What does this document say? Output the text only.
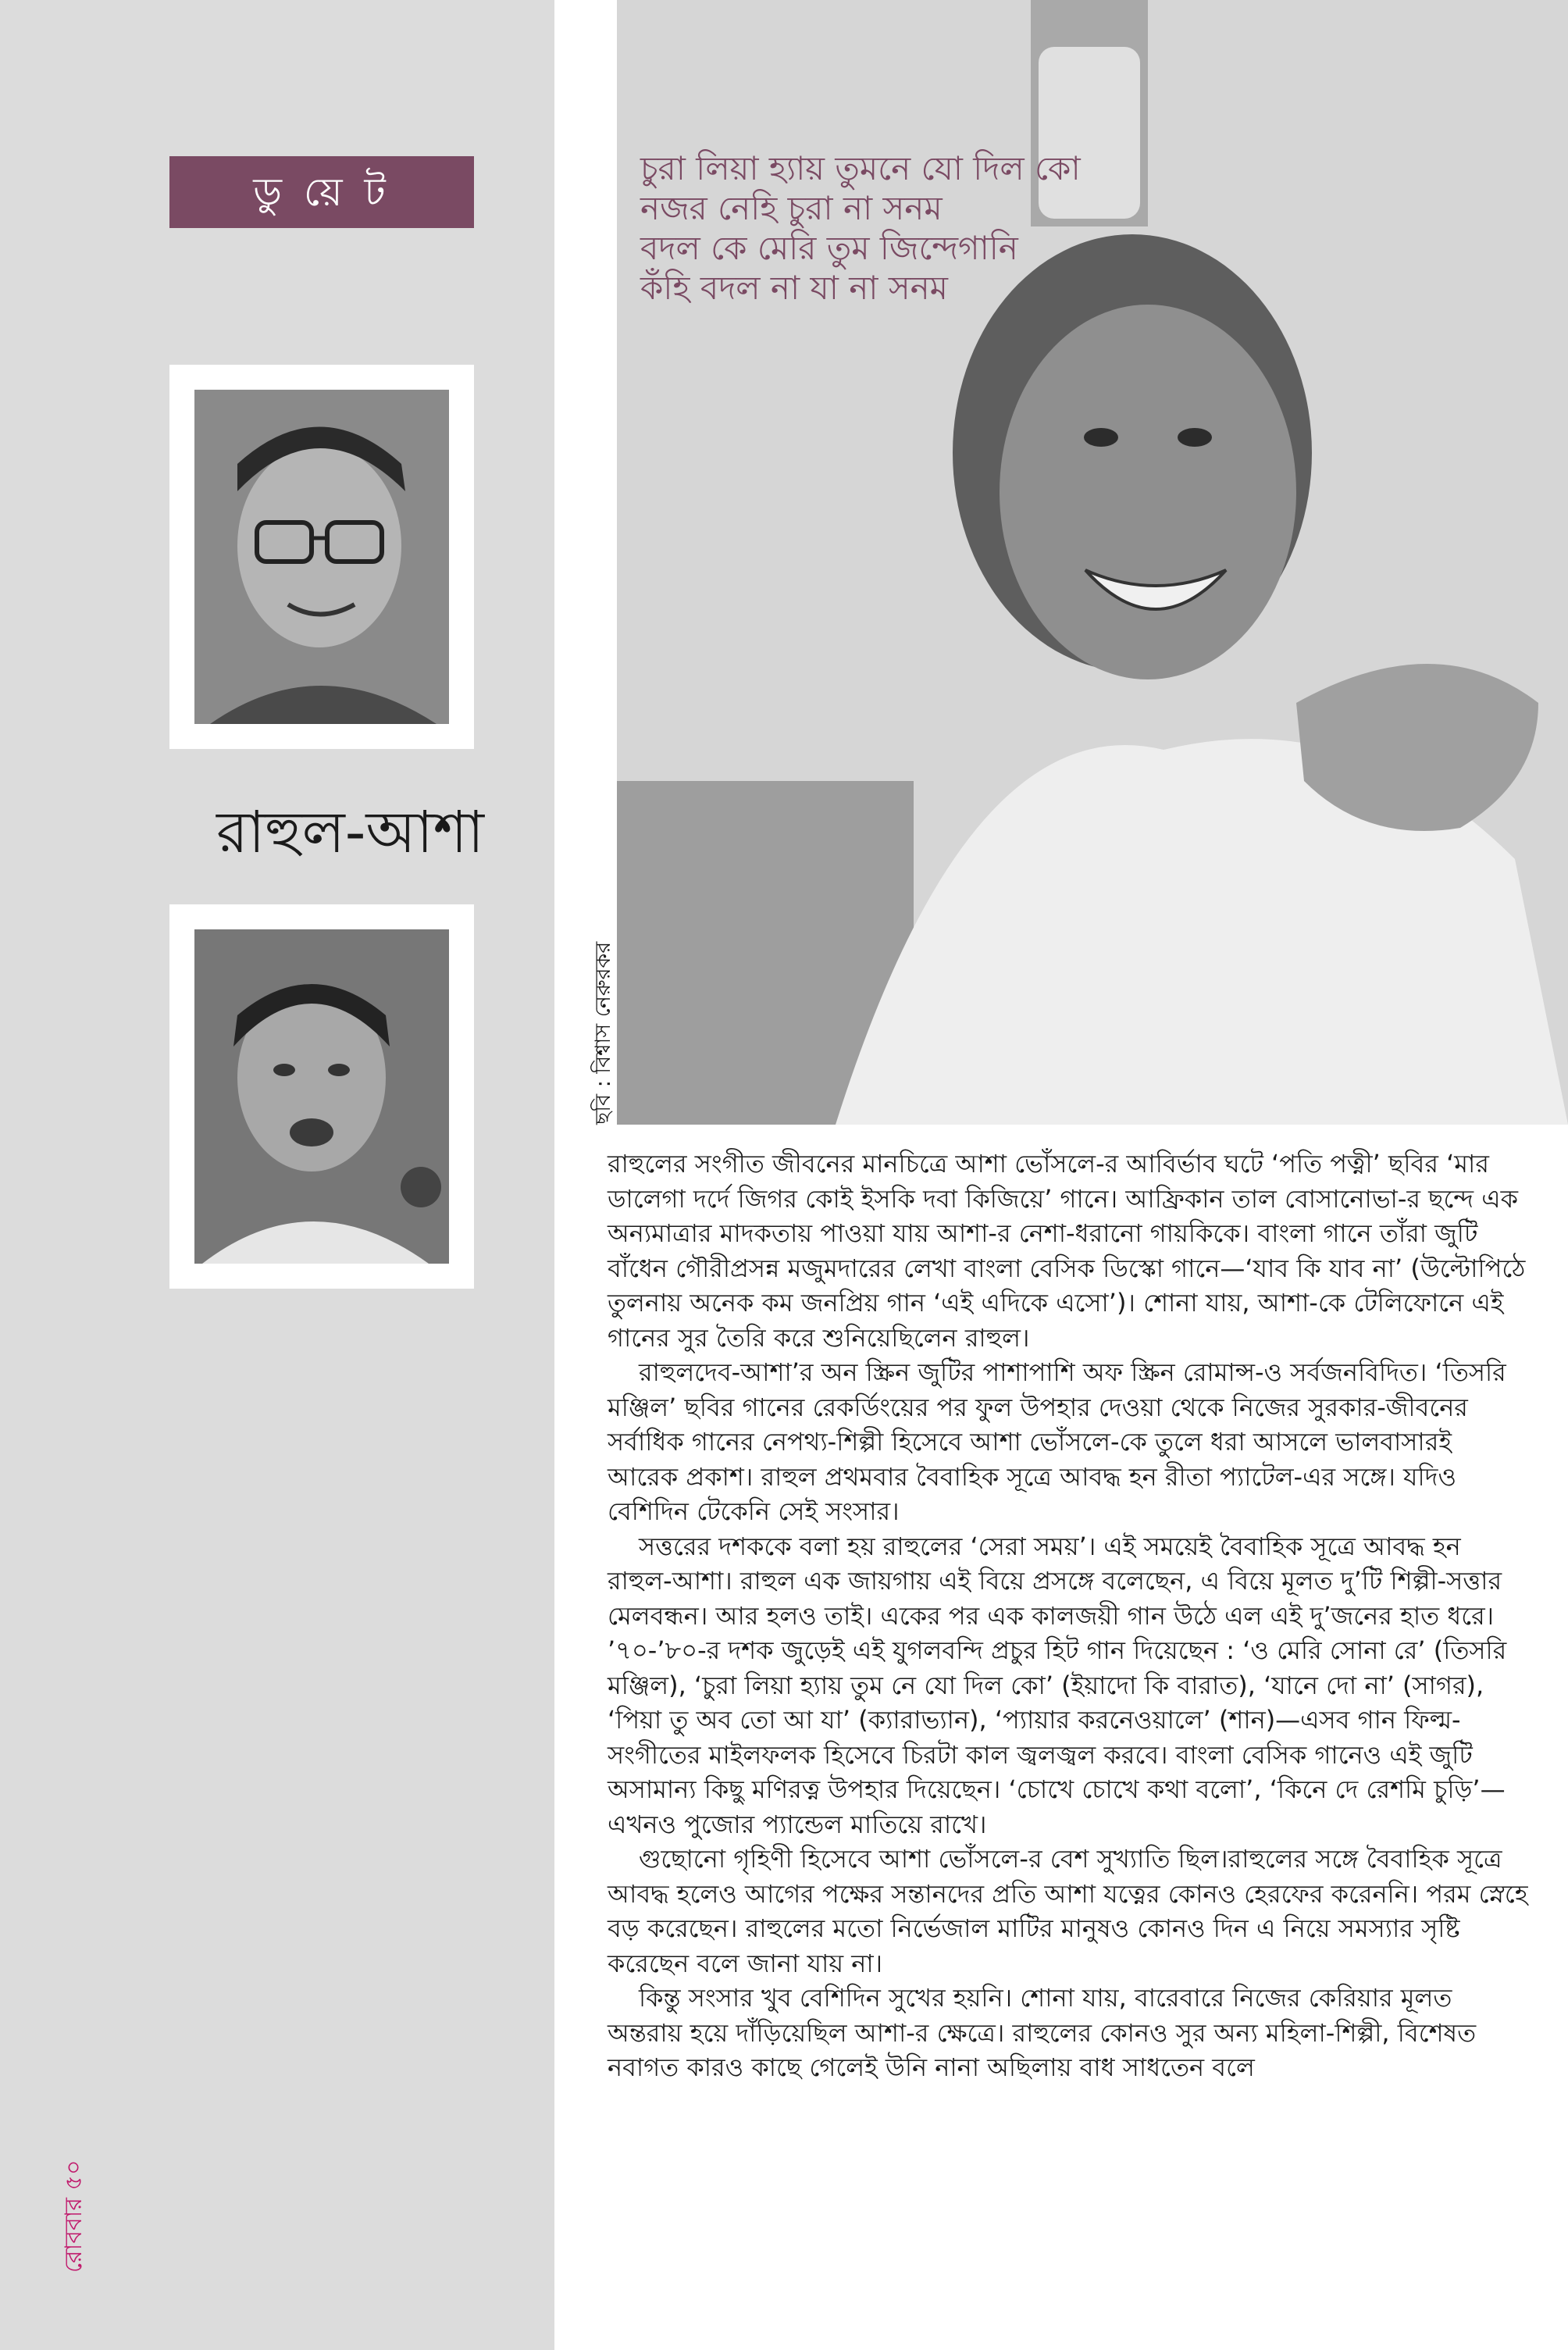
ডু য়ে ট
রাহুল-আশা
রোববার ৫০
চুরা লিয়া হ্যায় তুমনে যো দিল কো
নজর নেহি চুরা না সনম
বদল কে মেরি তুম জিন্দেগানি
কঁহি বদল না যা না সনম
ছবি : বিশ্বাস নেরুরকর

রাহুলের সংগীত জীবনের মানচিত্রে আশা ভোঁসলে-র আবির্ভাব ঘটে ‘পতি পত্নী’ ছবির ‘মার ডালেগা দর্দে জিগর কোই ইসকি দবা কিজিয়ে’ গানে। আফ্রিকান তাল বোসানোভা-র ছন্দে এক অন্যমাত্রার মাদকতায় পাওয়া যায় আশা-র নেশা-ধরানো গায়কিকে। বাংলা গানে তাঁরা জুটি বাঁধেন গৌরীপ্রসন্ন মজুমদারের লেখা বাংলা বেসিক ডিস্কো গানে—‘যাব কি যাব না’ (উল্টোপিঠে তুলনায় অনেক কম জনপ্রিয় গান ‘এই এদিকে এসো’)। শোনা যায়, আশা-কে টেলিফোনে এই গানের সুর তৈরি করে শুনিয়েছিলেন রাহুল।

রাহুলদেব-আশা’র অন স্ক্রিন জুটির পাশাপাশি অফ স্ক্রিন রোমান্স-ও সর্বজনবিদিত। ‘তিসরি মঞ্জিল’ ছবির গানের রেকর্ডিংয়ের পর ফুল উপহার দেওয়া থেকে নিজের সুরকার-জীবনের সর্বাধিক গানের নেপথ্য-শিল্পী হিসেবে আশা ভোঁসলে-কে তুলে ধরা আসলে ভালবাসারই আরেক প্রকাশ। রাহুল প্রথমবার বৈবাহিক সূত্রে আবদ্ধ হন রীতা প্যাটেল-এর সঙ্গে। যদিও বেশিদিন টেকেনি সেই সংসার।

সত্তরের দশককে বলা হয় রাহুলের ‘সেরা সময়’। এই সময়েই বৈবাহিক সূত্রে আবদ্ধ হন রাহুল-আশা। রাহুল এক জায়গায় এই বিয়ে প্রসঙ্গে বলেছেন, এ বিয়ে মূলত দু’টি শিল্পী-সত্তার মেলবন্ধন। আর হলও তাই। একের পর এক কালজয়ী গান উঠে এল এই দু’জনের হাত ধরে। ’৭০-’৮০-র দশক জুড়েই এই যুগলবন্দি প্রচুর হিট গান দিয়েছেন : ‘ও মেরি সোনা রে’ (তিসরি মঞ্জিল), ‘চুরা লিয়া হ্যায় তুম নে যো দিল কো’ (ইয়াদো কি বারাত), ‘যানে দো না’ (সাগর), ‘পিয়া তু অব তো আ যা’ (ক্যারাভ্যান), ‘প্যায়ার করনেওয়ালে’ (শান)—এসব গান ফিল্ম-সংগীতের মাইলফলক হিসেবে চিরটা কাল জ্বলজ্বল করবে। বাংলা বেসিক গানেও এই জুটি অসামান্য কিছু মণিরত্ন উপহার দিয়েছেন। ‘চোখে চোখে কথা বলো’, ‘কিনে দে রেশমি চুড়ি’—এখনও পুজোর প্যান্ডেল মাতিয়ে রাখে।

গুছোনো গৃহিণী হিসেবে আশা ভোঁসলে-র বেশ সুখ্যাতি ছিল।রাহুলের সঙ্গে বৈবাহিক সূত্রে আবদ্ধ হলেও আগের পক্ষের সন্তানদের প্রতি আশা যত্নের কোনও হেরফের করেননি। পরম স্নেহে বড় করেছেন। রাহুলের মতো নির্ভেজাল মাটির মানুষও কোনও দিন এ নিয়ে সমস্যার সৃষ্টি করেছেন বলে জানা যায় না।

কিন্তু সংসার খুব বেশিদিন সুখের হয়নি। শোনা যায়, বারেবারে নিজের কেরিয়ার মূলত অন্তরায় হয়ে দাঁড়িয়েছিল আশা-র ক্ষেত্রে। রাহুলের কোনও সুর অন্য মহিলা-শিল্পী, বিশেষত নবাগত কারও কাছে গেলেই উনি নানা অছিলায় বাধ সাধতেন বলে
